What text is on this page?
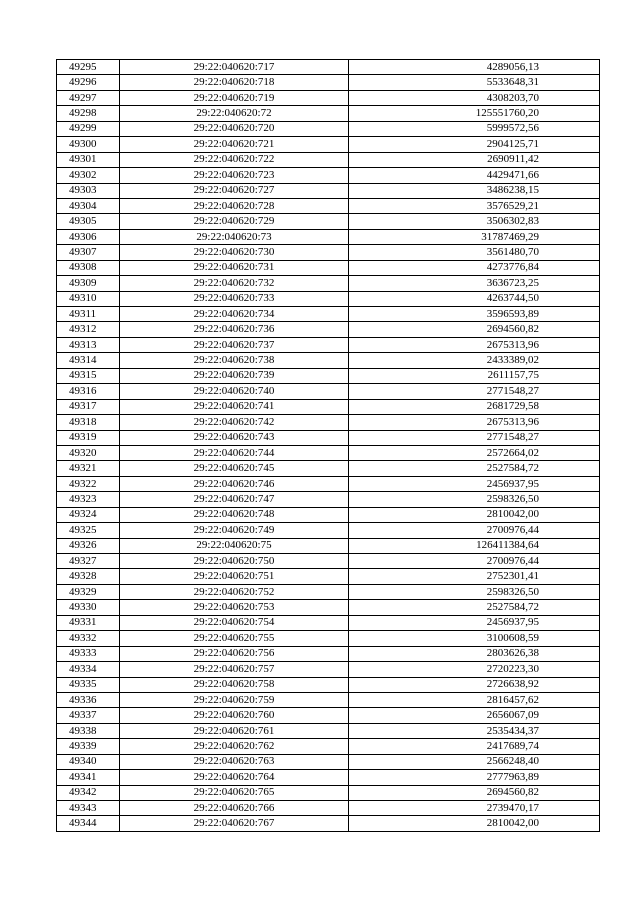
49295	29:22:040620:717	4289056,13
49296	29:22:040620:718	5533648,31
49297	29:22:040620:719	4308203,70
49298	29:22:040620:72	125551760,20
49299	29:22:040620:720	5999572,56
49300	29:22:040620:721	2904125,71
49301	29:22:040620:722	2690911,42
49302	29:22:040620:723	4429471,66
49303	29:22:040620:727	3486238,15
49304	29:22:040620:728	3576529,21
49305	29:22:040620:729	3506302,83
49306	29:22:040620:73	31787469,29
49307	29:22:040620:730	3561480,70
49308	29:22:040620:731	4273776,84
49309	29:22:040620:732	3636723,25
49310	29:22:040620:733	4263744,50
49311	29:22:040620:734	3596593,89
49312	29:22:040620:736	2694560,82
49313	29:22:040620:737	2675313,96
49314	29:22:040620:738	2433389,02
49315	29:22:040620:739	2611157,75
49316	29:22:040620:740	2771548,27
49317	29:22:040620:741	2681729,58
49318	29:22:040620:742	2675313,96
49319	29:22:040620:743	2771548,27
49320	29:22:040620:744	2572664,02
49321	29:22:040620:745	2527584,72
49322	29:22:040620:746	2456937,95
49323	29:22:040620:747	2598326,50
49324	29:22:040620:748	2810042,00
49325	29:22:040620:749	2700976,44
49326	29:22:040620:75	126411384,64
49327	29:22:040620:750	2700976,44
49328	29:22:040620:751	2752301,41
49329	29:22:040620:752	2598326,50
49330	29:22:040620:753	2527584,72
49331	29:22:040620:754	2456937,95
49332	29:22:040620:755	3100608,59
49333	29:22:040620:756	2803626,38
49334	29:22:040620:757	2720223,30
49335	29:22:040620:758	2726638,92
49336	29:22:040620:759	2816457,62
49337	29:22:040620:760	2656067,09
49338	29:22:040620:761	2535434,37
49339	29:22:040620:762	2417689,74
49340	29:22:040620:763	2566248,40
49341	29:22:040620:764	2777963,89
49342	29:22:040620:765	2694560,82
49343	29:22:040620:766	2739470,17
49344	29:22:040620:767	2810042,00
